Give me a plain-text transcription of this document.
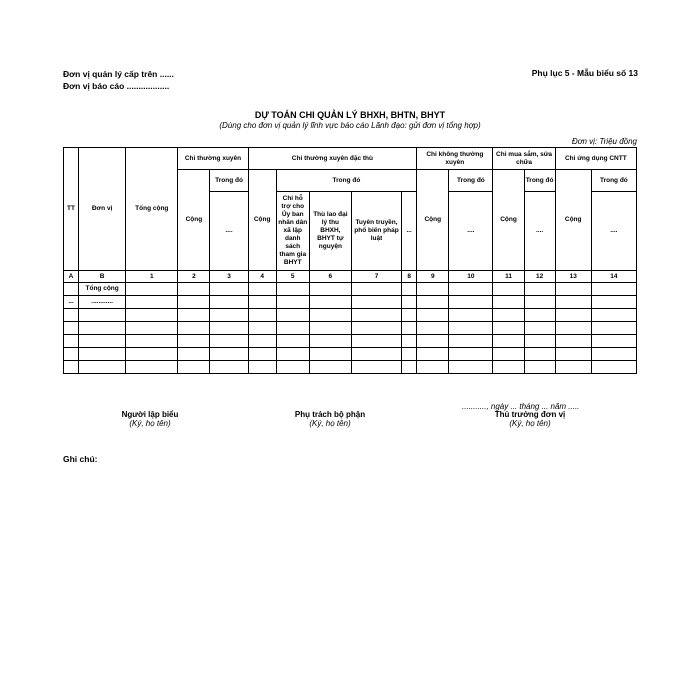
Đơn vị quản lý cấp trên ......
Đơn vị báo cáo ..................
Phụ lục 5 - Mẫu biểu số 13
DỰ TOÁN CHI QUẢN LÝ BHXH, BHTN, BHYT
(Dùng cho đơn vị quản lý lĩnh vực báo cáo Lãnh đạo: gửi đơn vị tổng hợp)
Đơn vị: Triệu đồng
TT	Đơn vị	Tổng cộng	Chi thường xuyên		Chi thường xuyên đặc thù					Chi không thường xuyên		Chi mua sắm, sửa chữa		Chi ứng dụng CNTT	
			Cộng	Trong đó	Cộng	Trong đó				Cộng	Trong đó	Cộng	Trong đó	Cộng	Trong đó
				....		Chi hỗ trợ cho Ủy ban nhân dân xã lập danh sách tham gia BHYT	Thù lao đại lý thu BHXH, BHYT tự nguyện	Tuyên truyền, phổ biến pháp luật	...		....		....		....
A	B	1	2	3	4	5	6	7	8	9	10	11	12	13	14
	Tổng cộng														
...	............														

..........., ngày ... tháng ... năm .....
Người lập biểu
(Ký, họ tên)
Phụ trách bộ phận
(Ký, họ tên)
Thủ trưởng đơn vị
(Ký, họ tên)
Ghi chú:
